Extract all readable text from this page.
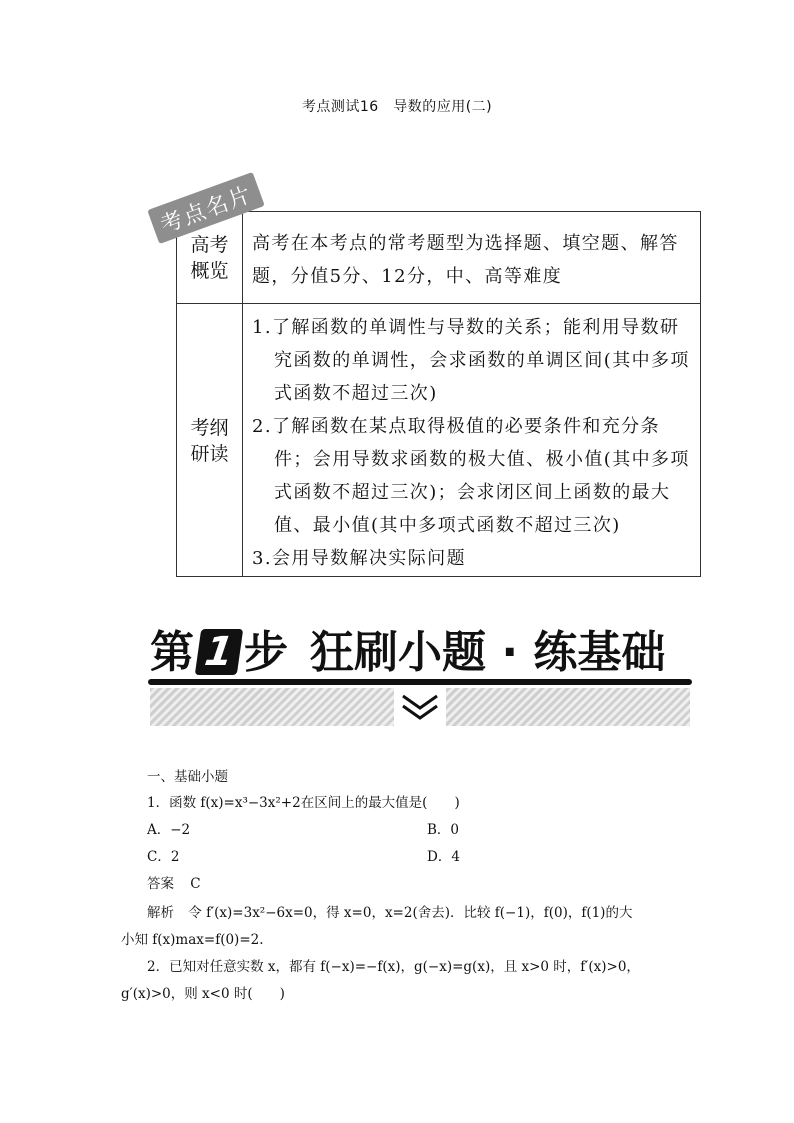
考点测试16　导数的应用(二)
高考
概览
高考在本考点的常考题型为选择题、填空题、解答题，分值5分、12分，中、高等难度
考纲
研读
1.了解函数的单调性与导数的关系；能利用导数研究函数的单调性，会求函数的单调区间(其中多项式函数不超过三次)
2.了解函数在某点取得极值的必要条件和充分条件；会用导数求函数的极大值、极小值(其中多项式函数不超过三次)；会求闭区间上函数的最大值、最小值(其中多项式函数不超过三次)
3.会用导数解决实际问题
考点名片
第 1 步 狂刷小题 · 练基础
一、基础小题
1．函数 f(x)=x³−3x²+2在区间上的最大值是(　　)
A．−2	B．0
C．2	D．4
答案 C
解析 令 f′(x)=3x²−6x=0，得 x=0，x=2(舍去)．比较 f(−1)，f(0)，f(1)的大
小知 f(x)max=f(0)=2.
2．已知对任意实数 x，都有 f(−x)=−f(x)，g(−x)=g(x)，且 x>0 时，f′(x)>0，
g′(x)>0，则 x<0 时(　　)
